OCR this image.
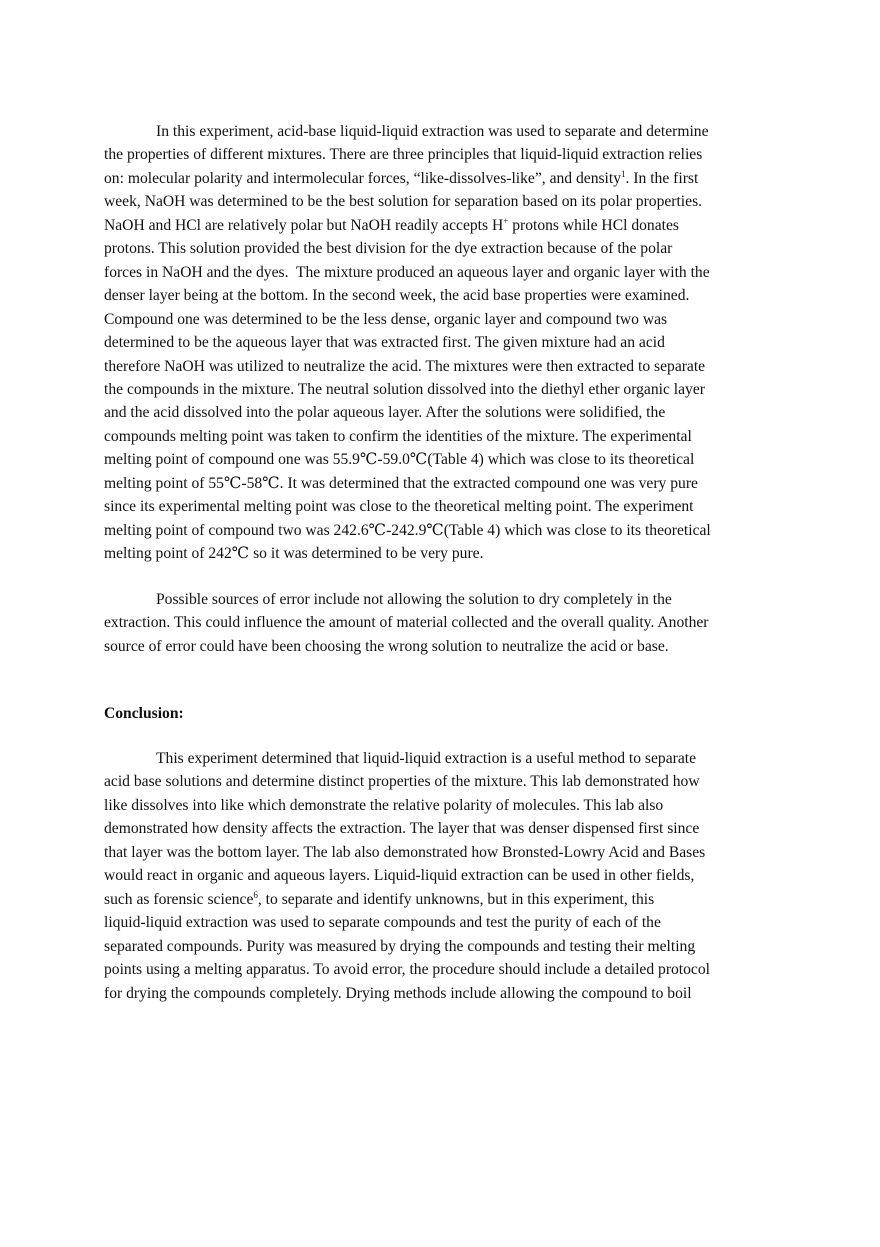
In this experiment, acid-base liquid-liquid extraction was used to separate and determine
the properties of different mixtures. There are three principles that liquid-liquid extraction relies
on: molecular polarity and intermolecular forces, “like-dissolves-like”, and density$^1$. In the first
week, NaOH was determined to be the best solution for separation based on its polar properties.
NaOH and HCl are relatively polar but NaOH readily accepts H+ protons while HCl donates
protons. This solution provided the best division for the dye extraction because of the polar
forces in NaOH and the dyes.  The mixture produced an aqueous layer and organic layer with the
denser layer being at the bottom. In the second week, the acid base properties were examined.
Compound one was determined to be the less dense, organic layer and compound two was
determined to be the aqueous layer that was extracted first. The given mixture had an acid
therefore NaOH was utilized to neutralize the acid. The mixtures were then extracted to separate
the compounds in the mixture. The neutral solution dissolved into the diethyl ether organic layer
and the acid dissolved into the polar aqueous layer. After the solutions were solidified, the
compounds melting point was taken to confirm the identities of the mixture. The experimental
melting point of compound one was 55.9℃-59.0℃(Table 4) which was close to its theoretical
melting point of 55℃-58℃. It was determined that the extracted compound one was very pure
since its experimental melting point was close to the theoretical melting point. The experiment
melting point of compound two was 242.6℃-242.9℃(Table 4) which was close to its theoretical
melting point of 242℃ so it was determined to be very pure.
Possible sources of error include not allowing the solution to dry completely in the
extraction. This could influence the amount of material collected and the overall quality. Another
source of error could have been choosing the wrong solution to neutralize the acid or base.
Conclusion:
This experiment determined that liquid-liquid extraction is a useful method to separate
acid base solutions and determine distinct properties of the mixture. This lab demonstrated how
like dissolves into like which demonstrate the relative polarity of molecules. This lab also
demonstrated how density affects the extraction. The layer that was denser dispensed first since
that layer was the bottom layer. The lab also demonstrated how Bronsted-Lowry Acid and Bases
would react in organic and aqueous layers. Liquid-liquid extraction can be used in other fields,
such as forensic science$^6$, to separate and identify unknowns, but in this experiment, this
liquid-liquid extraction was used to separate compounds and test the purity of each of the
separated compounds. Purity was measured by drying the compounds and testing their melting
points using a melting apparatus. To avoid error, the procedure should include a detailed protocol
for drying the compounds completely. Drying methods include allowing the compound to boil
